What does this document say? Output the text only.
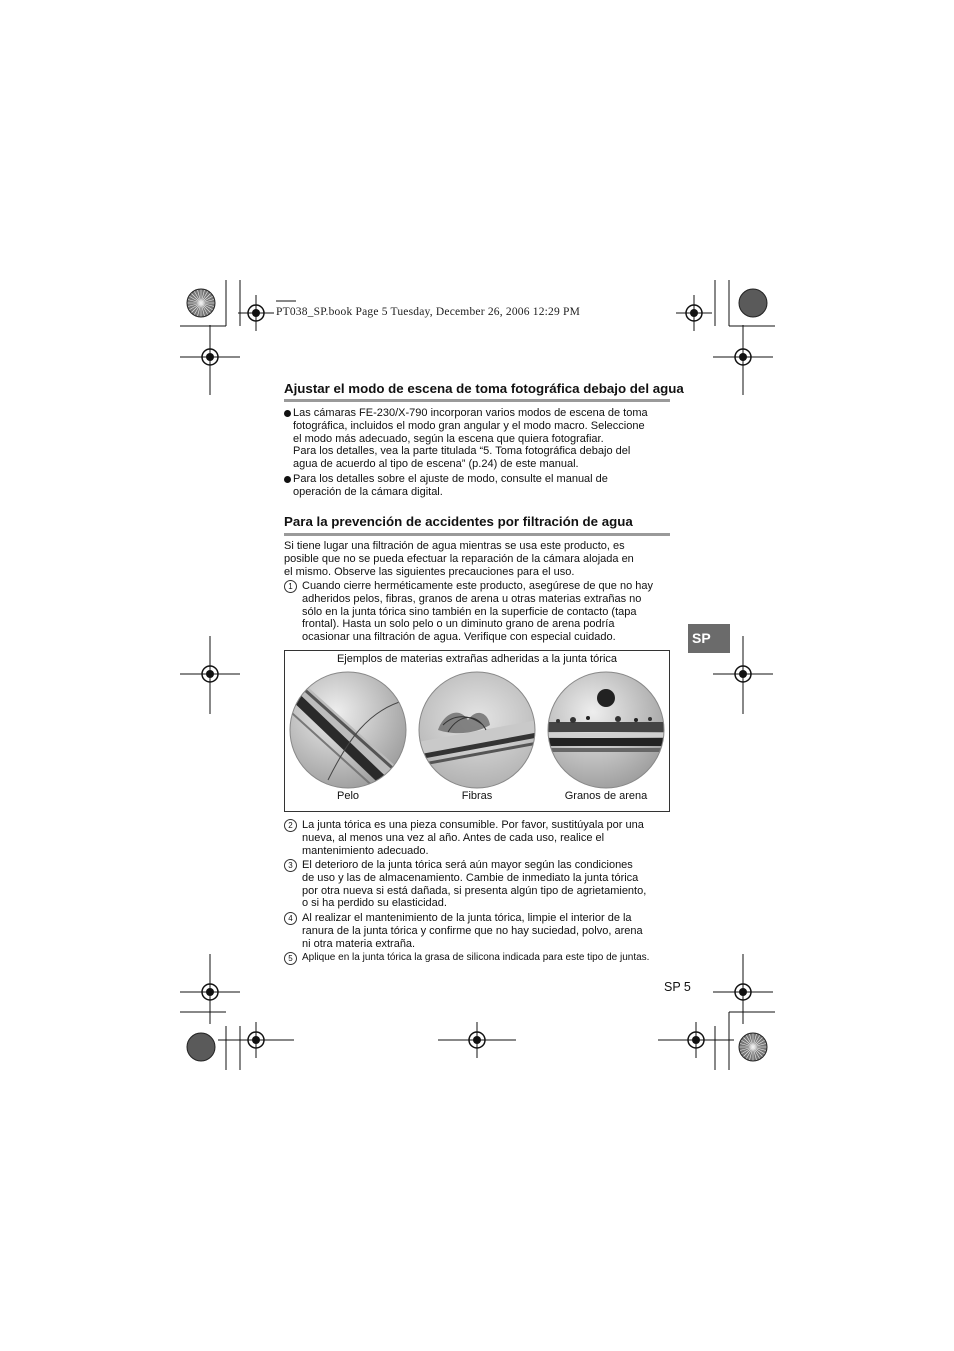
PT038_SP.book Page 5 Tuesday, December 26, 2006 12:29 PM
Ajustar el modo de escena de toma fotográfica debajo del agua

Las cámaras FE-230/X-790 incorporan varios modos de escena de toma
fotográfica, incluidos el modo gran angular y el modo macro. Seleccione
el modo más adecuado, según la escena que quiera fotografiar.
Para los detalles, vea la parte titulada “5. Toma fotográfica debajo del
agua de acuerdo al tipo de escena” (p.24) de este manual.

Para los detalles sobre el ajuste de modo, consulte el manual de
operación de la cámara digital.

Para la prevención de accidentes por filtración de agua
Si tiene lugar una filtración de agua mientras se usa este producto, es
posible que no se pueda efectuar la reparación de la cámara alojada en
el mismo. Observe las siguientes precauciones para el uso.
1 Cuando cierre herméticamente este producto, asegúrese de que no hay
adheridos pelos, fibras, granos de arena u otras materias extrañas no
sólo en la junta tórica sino también en la superficie de contacto (tapa
frontal). Hasta un solo pelo o un diminuto grano de arena podría
ocasionar una filtración de agua. Verifique con especial cuidado.	SP
Ejemplos de materias extrañas adheridas a la junta tórica
Pelo	Fibras	Granos de arena
2 La junta tórica es una pieza consumible. Por favor, sustitúyala por una
nueva, al menos una vez al año. Antes de cada uso, realice el
mantenimiento adecuado.
3 El deterioro de la junta tórica será aún mayor según las condiciones
de uso y las de almacenamiento. Cambie de inmediato la junta tórica
por otra nueva si está dañada, si presenta algún tipo de agrietamiento,
o si ha perdido su elasticidad.
4 Al realizar el mantenimiento de la junta tórica, limpie el interior de la
ranura de la junta tórica y confirme que no hay suciedad, polvo, arena
ni otra materia extraña.
5 Aplique en la junta tórica la grasa de silicona indicada para este tipo de juntas.
SP 5
